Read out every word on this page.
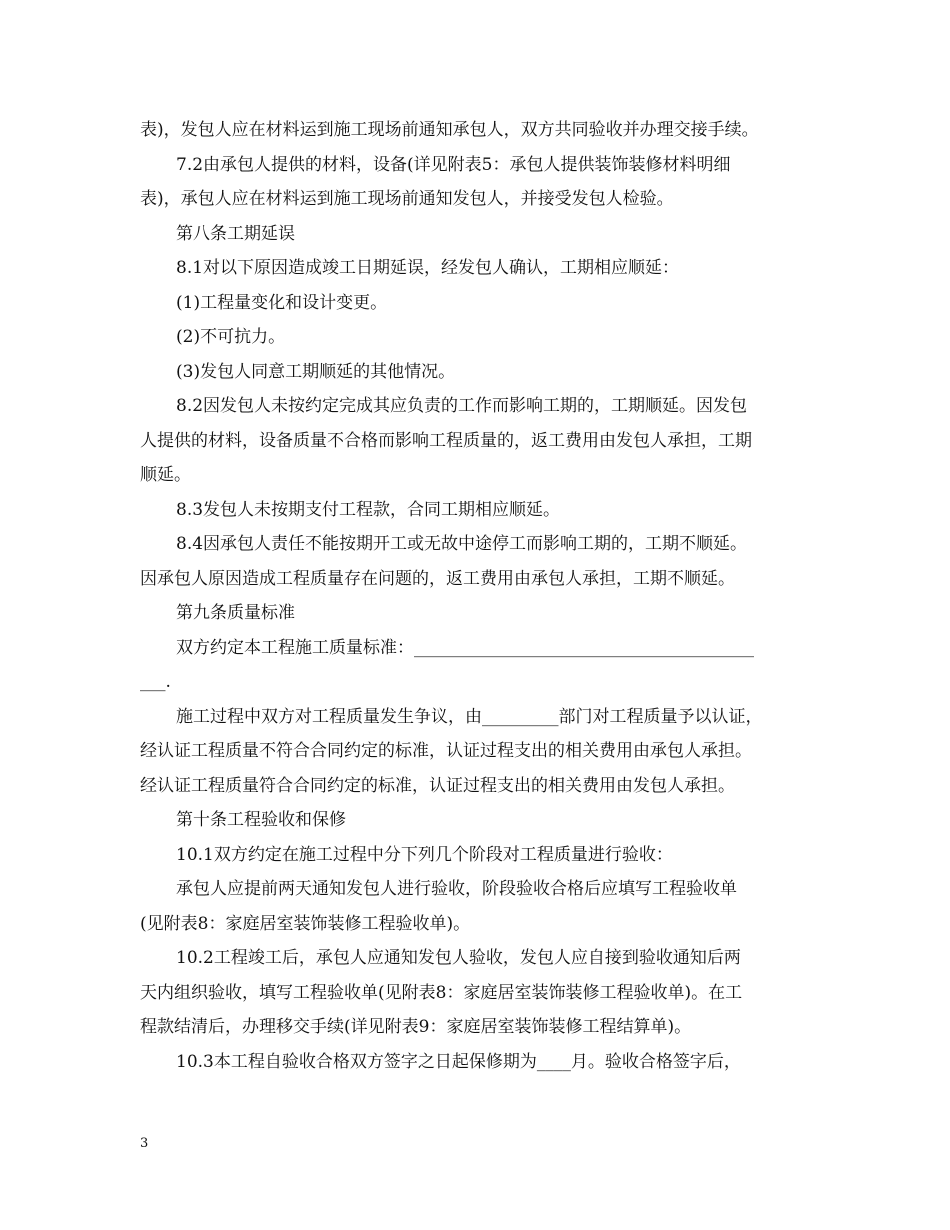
表)，发包人应在材料运到施工现场前通知承包人，双方共同验收并办理交接手续。
7.2由承包人提供的材料，设备(详见附表5：承包人提供装饰装修材料明细
表)，承包人应在材料运到施工现场前通知发包人，并接受发包人检验。
第八条工期延误
8.1对以下原因造成竣工日期延误，经发包人确认，工期相应顺延：
(1)工程量变化和设计变更。
(2)不可抗力。
(3)发包人同意工期顺延的其他情况。
8.2因发包人未按约定完成其应负责的工作而影响工期的，工期顺延。因发包
人提供的材料，设备质量不合格而影响工程质量的，返工费用由发包人承担，工期
顺延。
8.3发包人未按期支付工程款，合同工期相应顺延。
8.4因承包人责任不能按期开工或无故中途停工而影响工期的，工期不顺延。
因承包人原因造成工程质量存在问题的，返工费用由承包人承担，工期不顺延。
第九条质量标准
双方约定本工程施工质量标准：________________________________________
___.
施工过程中双方对工程质量发生争议，由_________部门对工程质量予以认证，
经认证工程质量不符合合同约定的标准，认证过程支出的相关费用由承包人承担。
经认证工程质量符合合同约定的标准，认证过程支出的相关费用由发包人承担。
第十条工程验收和保修
10.1双方约定在施工过程中分下列几个阶段对工程质量进行验收：
承包人应提前两天通知发包人进行验收，阶段验收合格后应填写工程验收单
(见附表8：家庭居室装饰装修工程验收单)。
10.2工程竣工后，承包人应通知发包人验收，发包人应自接到验收通知后两
天内组织验收，填写工程验收单(见附表8：家庭居室装饰装修工程验收单)。在工
程款结清后，办理移交手续(详见附表9：家庭居室装饰装修工程结算单)。
10.3本工程自验收合格双方签字之日起保修期为____月。验收合格签字后，
3
